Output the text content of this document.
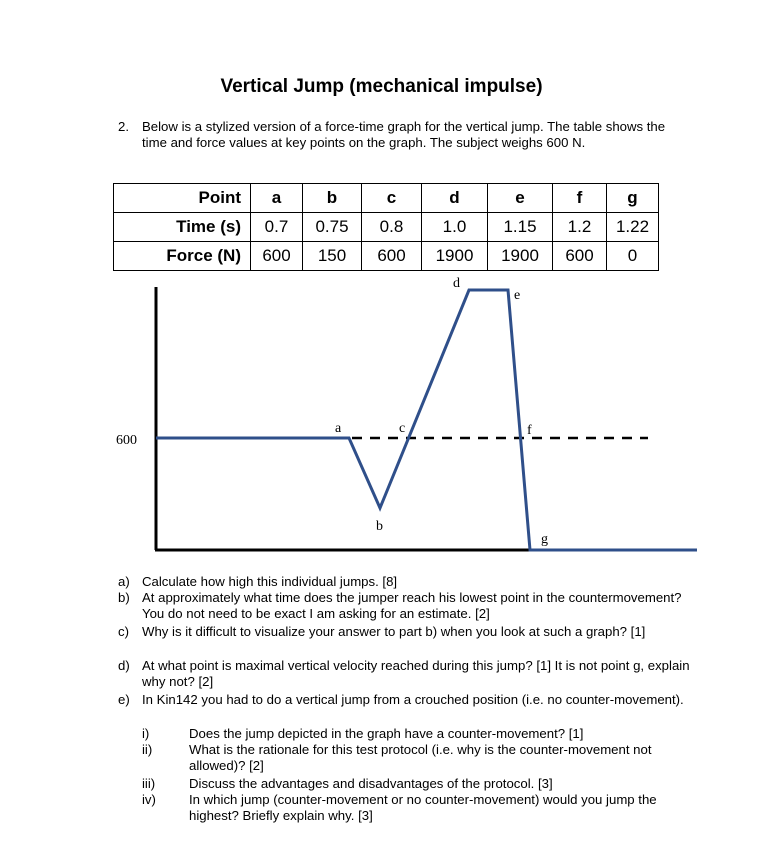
Vertical Jump (mechanical impulse)
2. Below is a stylized version of a force-time graph for the vertical jump. The table shows the time and force values at key points on the graph. The subject weighs 600 N.
Point	a	b	c	d	e	f	g
Time (s)	0.7	0.75	0.8	1.0	1.15	1.2	1.22
Force (N)	600	150	600	1900	1900	600	0
600
a
b
c
d
e
f
g
a) Calculate how high this individual jumps. [8]
b) At approximately what time does the jumper reach his lowest point in the countermovement? You do not need to be exact I am asking for an estimate. [2]
c) Why is it difficult to visualize your answer to part b) when you look at such a graph? [1]
d) At what point is maximal vertical velocity reached during this jump? [1] It is not point g, explain why not? [2]
e) In Kin142 you had to do a vertical jump from a crouched position (i.e. no counter-movement).
i)	Does the jump depicted in the graph have a counter-movement? [1]
ii)	What is the rationale for this test protocol (i.e. why is the counter-movement not allowed)? [2]
iii)	Discuss the advantages and disadvantages of the protocol. [3]
iv)	In which jump (counter-movement or no counter-movement) would you jump the highest? Briefly explain why. [3]
